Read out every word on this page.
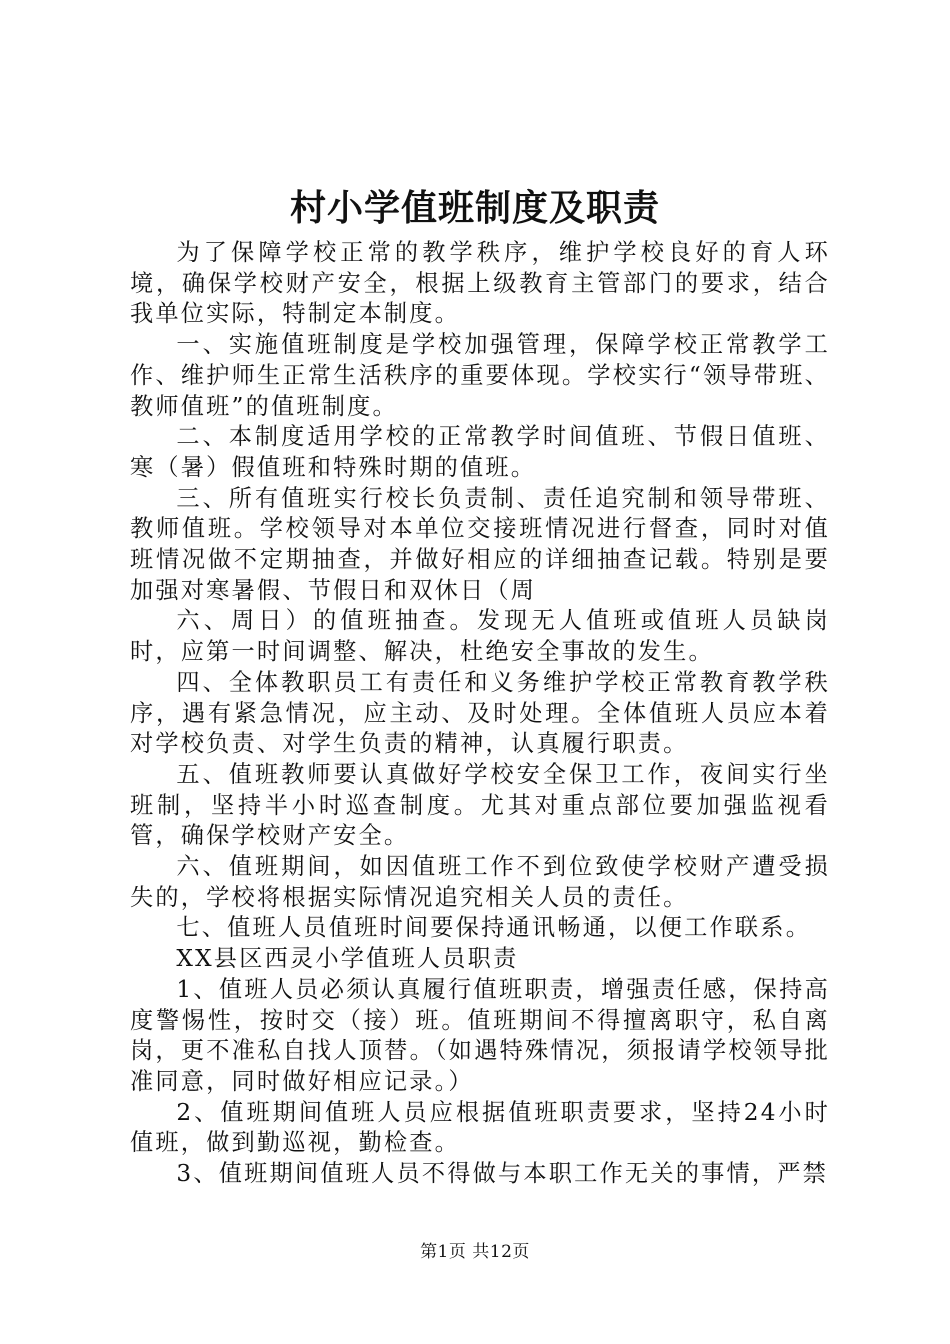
村小学值班制度及职责

为了保障学校正常的教学秩序，维护学校良好的育人环境，确保学校财产安全，根据上级教育主管部门的要求，结合我单位实际，特制定本制度。

一、实施值班制度是学校加强管理，保障学校正常教学工作、维护师生正常生活秩序的重要体现。学校实行“领导带班、教师值班”的值班制度。

二、本制度适用学校的正常教学时间值班、节假日值班、寒（暑）假值班和特殊时期的值班。

三、所有值班实行校长负责制、责任追究制和领导带班、教师值班。学校领导对本单位交接班情况进行督查，同时对值班情况做不定期抽查，并做好相应的详细抽查记载。特别是要加强对寒暑假、节假日和双休日（周

六、周日）的值班抽查。发现无人值班或值班人员缺岗时，应第一时间调整、解决，杜绝安全事故的发生。

四、全体教职员工有责任和义务维护学校正常教育教学秩序，遇有紧急情况，应主动、及时处理。全体值班人员应本着对学校负责、对学生负责的精神，认真履行职责。

五、值班教师要认真做好学校安全保卫工作，夜间实行坐班制，坚持半小时巡查制度。尤其对重点部位要加强监视看管，确保学校财产安全。

六、值班期间，如因值班工作不到位致使学校财产遭受损失的，学校将根据实际情况追究相关人员的责任。

七、值班人员值班时间要保持通讯畅通，以便工作联系。

XX县区西灵小学值班人员职责

1、值班人员必须认真履行值班职责，增强责任感，保持高度警惕性，按时交（接）班。值班期间不得擅离职守，私自离岗，更不准私自找人顶替。（如遇特殊情况，须报请学校领导批准同意，同时做好相应记录。）

2、值班期间值班人员应根据值班职责要求，坚持24小时值班，做到勤巡视，勤检查。

3、值班期间值班人员不得做与本职工作无关的事情，严禁

第1页 共12页
